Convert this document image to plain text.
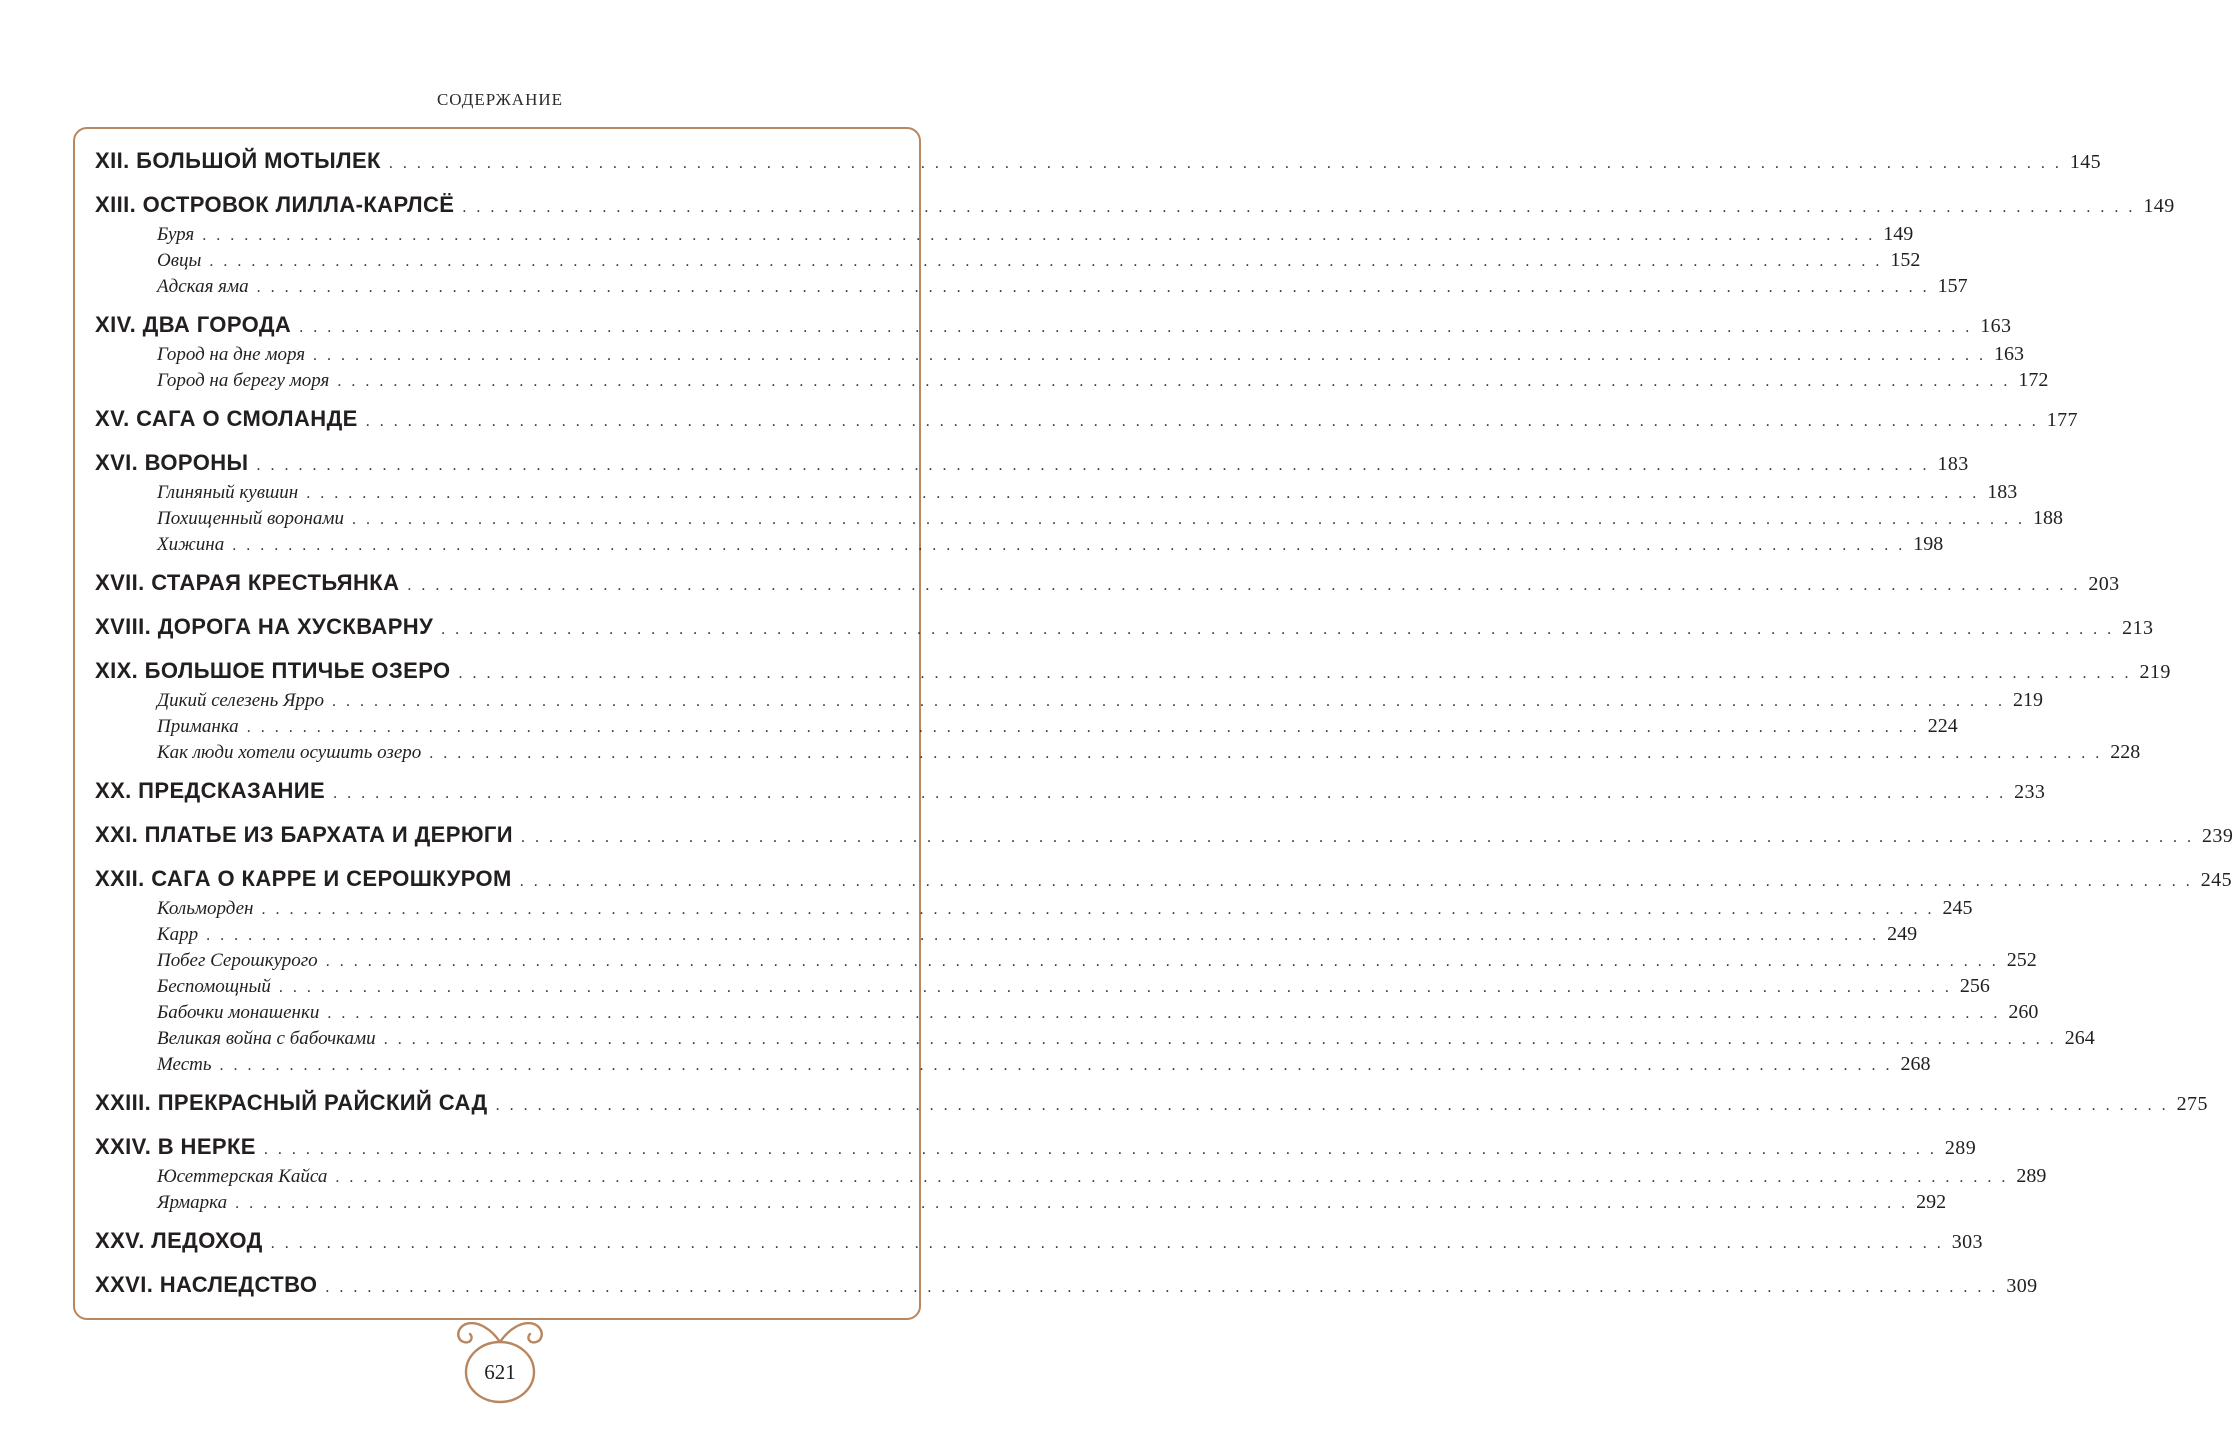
СОДЕРЖАНИЕ
XII. БОЛЬШОЙ МОТЫЛЕК . . . . . . . . . . . . . . . . . . . . . . . . . . . . . . . . . . . . . . . . . . . . . . . . . . . . . . . . . . . . . . . . . . . . . . . . . . . . . . . . . . . . . . . . . . . . . . . . . . . . . . . . . . . . . . . . . . . . . . . . 145
XIII. ОСТРОВОК ЛИЛЛА-КАРЛСЁ . . . . . . . . . . . . . . . . . . . . . . . . . . . . . . . . . . . . . . . . . . . . . . . . . . . . . . . . . . . . . . . . . . . . . . . . . . . . . . . . . . . . . . . . . . . . . . . . . . . . . . . . . . . . . . . . . . . . . . . . 149
Буря . . . . . . . . . . . . . . . . . . . . . . . . . . . . . . . . . . . . . . . . . . . . . . . . . . . . . . . . . . . . . . . . . . . . . . . . . . . . . . . . . . . . . . . . . . . . . . . . . . . . . . . . . . . . . . . . . . . . . . . . 149
Овцы . . . . . . . . . . . . . . . . . . . . . . . . . . . . . . . . . . . . . . . . . . . . . . . . . . . . . . . . . . . . . . . . . . . . . . . . . . . . . . . . . . . . . . . . . . . . . . . . . . . . . . . . . . . . . . . . . . . . . . . . 152
Адская яма . . . . . . . . . . . . . . . . . . . . . . . . . . . . . . . . . . . . . . . . . . . . . . . . . . . . . . . . . . . . . . . . . . . . . . . . . . . . . . . . . . . . . . . . . . . . . . . . . . . . . . . . . . . . . . . . . . . . . . . . 157
XIV. ДВА ГОРОДА . . . . . . . . . . . . . . . . . . . . . . . . . . . . . . . . . . . . . . . . . . . . . . . . . . . . . . . . . . . . . . . . . . . . . . . . . . . . . . . . . . . . . . . . . . . . . . . . . . . . . . . . . . . . . . . . . . . . . . . . 163
Город на дне моря . . . . . . . . . . . . . . . . . . . . . . . . . . . . . . . . . . . . . . . . . . . . . . . . . . . . . . . . . . . . . . . . . . . . . . . . . . . . . . . . . . . . . . . . . . . . . . . . . . . . . . . . . . . . . . . . . . . . . . . . 163
Город на берегу моря . . . . . . . . . . . . . . . . . . . . . . . . . . . . . . . . . . . . . . . . . . . . . . . . . . . . . . . . . . . . . . . . . . . . . . . . . . . . . . . . . . . . . . . . . . . . . . . . . . . . . . . . . . . . . . . . . . . . . . . . 172
XV. САГА О СМОЛАНДЕ . . . . . . . . . . . . . . . . . . . . . . . . . . . . . . . . . . . . . . . . . . . . . . . . . . . . . . . . . . . . . . . . . . . . . . . . . . . . . . . . . . . . . . . . . . . . . . . . . . . . . . . . . . . . . . . . . . . . . . . . 177
XVI. ВОРОНЫ . . . . . . . . . . . . . . . . . . . . . . . . . . . . . . . . . . . . . . . . . . . . . . . . . . . . . . . . . . . . . . . . . . . . . . . . . . . . . . . . . . . . . . . . . . . . . . . . . . . . . . . . . . . . . . . . . . . . . . . . 183
Глиняный кувшин . . . . . . . . . . . . . . . . . . . . . . . . . . . . . . . . . . . . . . . . . . . . . . . . . . . . . . . . . . . . . . . . . . . . . . . . . . . . . . . . . . . . . . . . . . . . . . . . . . . . . . . . . . . . . . . . . . . . . . . . 183
Похищенный воронами . . . . . . . . . . . . . . . . . . . . . . . . . . . . . . . . . . . . . . . . . . . . . . . . . . . . . . . . . . . . . . . . . . . . . . . . . . . . . . . . . . . . . . . . . . . . . . . . . . . . . . . . . . . . . . . . . . . . . . . . 188
Хижина . . . . . . . . . . . . . . . . . . . . . . . . . . . . . . . . . . . . . . . . . . . . . . . . . . . . . . . . . . . . . . . . . . . . . . . . . . . . . . . . . . . . . . . . . . . . . . . . . . . . . . . . . . . . . . . . . . . . . . . . 198
XVII. СТАРАЯ КРЕСТЬЯНКА . . . . . . . . . . . . . . . . . . . . . . . . . . . . . . . . . . . . . . . . . . . . . . . . . . . . . . . . . . . . . . . . . . . . . . . . . . . . . . . . . . . . . . . . . . . . . . . . . . . . . . . . . . . . . . . . . . . . . . . . 203
XVIII. ДОРОГА НА ХУСКВАРНУ . . . . . . . . . . . . . . . . . . . . . . . . . . . . . . . . . . . . . . . . . . . . . . . . . . . . . . . . . . . . . . . . . . . . . . . . . . . . . . . . . . . . . . . . . . . . . . . . . . . . . . . . . . . . . . . . . . . . . . . . 213
XIX. БОЛЬШОЕ ПТИЧЬЕ ОЗЕРО . . . . . . . . . . . . . . . . . . . . . . . . . . . . . . . . . . . . . . . . . . . . . . . . . . . . . . . . . . . . . . . . . . . . . . . . . . . . . . . . . . . . . . . . . . . . . . . . . . . . . . . . . . . . . . . . . . . . . . . . 219
Дикий селезень Ярро . . . . . . . . . . . . . . . . . . . . . . . . . . . . . . . . . . . . . . . . . . . . . . . . . . . . . . . . . . . . . . . . . . . . . . . . . . . . . . . . . . . . . . . . . . . . . . . . . . . . . . . . . . . . . . . . . . . . . . . . 219
Приманка . . . . . . . . . . . . . . . . . . . . . . . . . . . . . . . . . . . . . . . . . . . . . . . . . . . . . . . . . . . . . . . . . . . . . . . . . . . . . . . . . . . . . . . . . . . . . . . . . . . . . . . . . . . . . . . . . . . . . . . . 224
Как люди хотели осушить озеро . . . . . . . . . . . . . . . . . . . . . . . . . . . . . . . . . . . . . . . . . . . . . . . . . . . . . . . . . . . . . . . . . . . . . . . . . . . . . . . . . . . . . . . . . . . . . . . . . . . . . . . . . . . . . . . . . . . . . . . . 228
XX. ПРЕДСКАЗАНИЕ . . . . . . . . . . . . . . . . . . . . . . . . . . . . . . . . . . . . . . . . . . . . . . . . . . . . . . . . . . . . . . . . . . . . . . . . . . . . . . . . . . . . . . . . . . . . . . . . . . . . . . . . . . . . . . . . . . . . . . . . 233
XXI. ПЛАТЬЕ ИЗ БАРХАТА И ДЕРЮГИ . . . . . . . . . . . . . . . . . . . . . . . . . . . . . . . . . . . . . . . . . . . . . . . . . . . . . . . . . . . . . . . . . . . . . . . . . . . . . . . . . . . . . . . . . . . . . . . . . . . . . . . . . . . . . . . . . . . . . . . . 239
XXII. САГА О КАРРЕ И СЕРОШКУРОМ . . . . . . . . . . . . . . . . . . . . . . . . . . . . . . . . . . . . . . . . . . . . . . . . . . . . . . . . . . . . . . . . . . . . . . . . . . . . . . . . . . . . . . . . . . . . . . . . . . . . . . . . . . . . . . . . . . . . . . . . 245
Кольморден . . . . . . . . . . . . . . . . . . . . . . . . . . . . . . . . . . . . . . . . . . . . . . . . . . . . . . . . . . . . . . . . . . . . . . . . . . . . . . . . . . . . . . . . . . . . . . . . . . . . . . . . . . . . . . . . . . . . . . . . 245
Карр . . . . . . . . . . . . . . . . . . . . . . . . . . . . . . . . . . . . . . . . . . . . . . . . . . . . . . . . . . . . . . . . . . . . . . . . . . . . . . . . . . . . . . . . . . . . . . . . . . . . . . . . . . . . . . . . . . . . . . . . 249
Побег Серошкурого . . . . . . . . . . . . . . . . . . . . . . . . . . . . . . . . . . . . . . . . . . . . . . . . . . . . . . . . . . . . . . . . . . . . . . . . . . . . . . . . . . . . . . . . . . . . . . . . . . . . . . . . . . . . . . . . . . . . . . . . 252
Беспомощный . . . . . . . . . . . . . . . . . . . . . . . . . . . . . . . . . . . . . . . . . . . . . . . . . . . . . . . . . . . . . . . . . . . . . . . . . . . . . . . . . . . . . . . . . . . . . . . . . . . . . . . . . . . . . . . . . . . . . . . . 256
Бабочки монашенки . . . . . . . . . . . . . . . . . . . . . . . . . . . . . . . . . . . . . . . . . . . . . . . . . . . . . . . . . . . . . . . . . . . . . . . . . . . . . . . . . . . . . . . . . . . . . . . . . . . . . . . . . . . . . . . . . . . . . . . . 260
Великая война с бабочками . . . . . . . . . . . . . . . . . . . . . . . . . . . . . . . . . . . . . . . . . . . . . . . . . . . . . . . . . . . . . . . . . . . . . . . . . . . . . . . . . . . . . . . . . . . . . . . . . . . . . . . . . . . . . . . . . . . . . . . . 264
Месть . . . . . . . . . . . . . . . . . . . . . . . . . . . . . . . . . . . . . . . . . . . . . . . . . . . . . . . . . . . . . . . . . . . . . . . . . . . . . . . . . . . . . . . . . . . . . . . . . . . . . . . . . . . . . . . . . . . . . . . . 268
XXIII. ПРЕКРАСНЫЙ РАЙСКИЙ САД . . . . . . . . . . . . . . . . . . . . . . . . . . . . . . . . . . . . . . . . . . . . . . . . . . . . . . . . . . . . . . . . . . . . . . . . . . . . . . . . . . . . . . . . . . . . . . . . . . . . . . . . . . . . . . . . . . . . . . . . 275
XXIV. В НЕРКЕ . . . . . . . . . . . . . . . . . . . . . . . . . . . . . . . . . . . . . . . . . . . . . . . . . . . . . . . . . . . . . . . . . . . . . . . . . . . . . . . . . . . . . . . . . . . . . . . . . . . . . . . . . . . . . . . . . . . . . . . . 289
Юсеттерская Кайса . . . . . . . . . . . . . . . . . . . . . . . . . . . . . . . . . . . . . . . . . . . . . . . . . . . . . . . . . . . . . . . . . . . . . . . . . . . . . . . . . . . . . . . . . . . . . . . . . . . . . . . . . . . . . . . . . . . . . . . . 289
Ярмарка . . . . . . . . . . . . . . . . . . . . . . . . . . . . . . . . . . . . . . . . . . . . . . . . . . . . . . . . . . . . . . . . . . . . . . . . . . . . . . . . . . . . . . . . . . . . . . . . . . . . . . . . . . . . . . . . . . . . . . . . 292
XXV. ЛЕДОХОД . . . . . . . . . . . . . . . . . . . . . . . . . . . . . . . . . . . . . . . . . . . . . . . . . . . . . . . . . . . . . . . . . . . . . . . . . . . . . . . . . . . . . . . . . . . . . . . . . . . . . . . . . . . . . . . . . . . . . . . . 303
XXVI. НАСЛЕДСТВО . . . . . . . . . . . . . . . . . . . . . . . . . . . . . . . . . . . . . . . . . . . . . . . . . . . . . . . . . . . . . . . . . . . . . . . . . . . . . . . . . . . . . . . . . . . . . . . . . . . . . . . . . . . . . . . . . . . . . . . . 309
621
